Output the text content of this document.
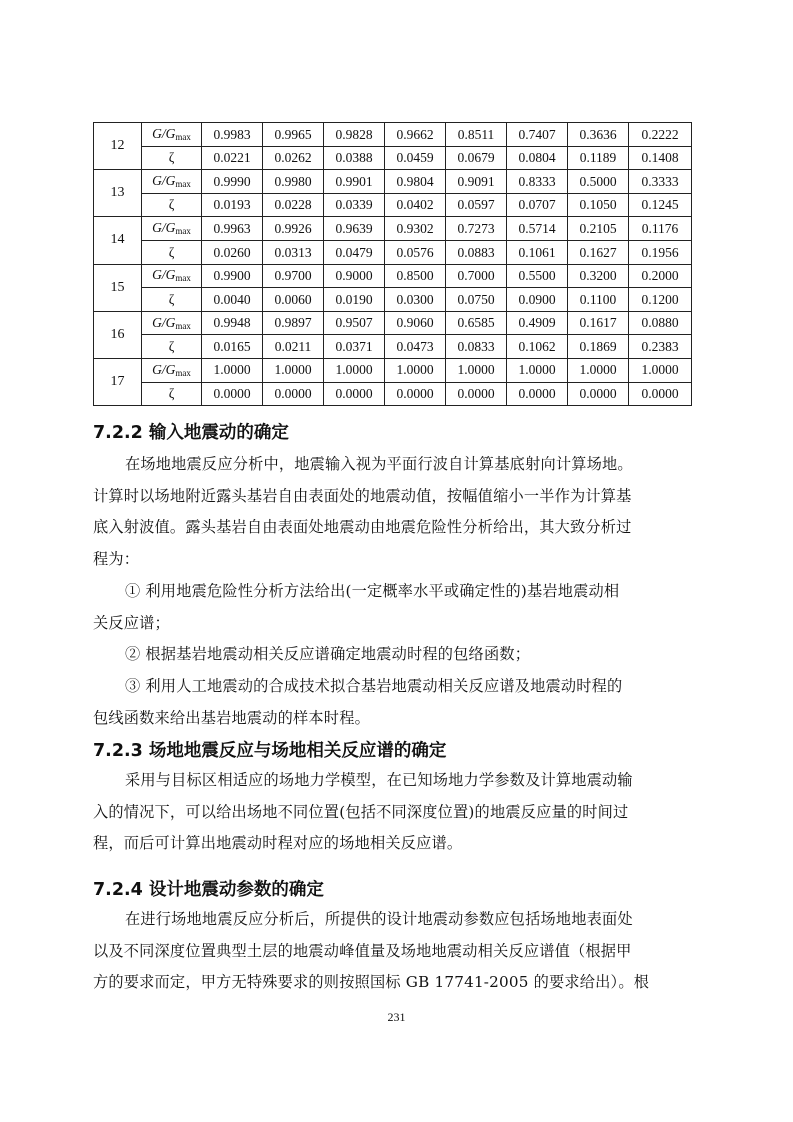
12	$G/G_{max}$	0.9983	0.9965	0.9828	0.9662	0.8511	0.7407	0.3636	0.2222
	ζ	0.0221	0.0262	0.0388	0.0459	0.0679	0.0804	0.1189	0.1408
13	$G/G_{max}$	0.9990	0.9980	0.9901	0.9804	0.9091	0.8333	0.5000	0.3333
	ζ	0.0193	0.0228	0.0339	0.0402	0.0597	0.0707	0.1050	0.1245
14	$G/G_{max}$	0.9963	0.9926	0.9639	0.9302	0.7273	0.5714	0.2105	0.1176
	ζ	0.0260	0.0313	0.0479	0.0576	0.0883	0.1061	0.1627	0.1956
15	$G/G_{max}$	0.9900	0.9700	0.9000	0.8500	0.7000	0.5500	0.3200	0.2000
	ζ	0.0040	0.0060	0.0190	0.0300	0.0750	0.0900	0.1100	0.1200
16	$G/G_{max}$	0.9948	0.9897	0.9507	0.9060	0.6585	0.4909	0.1617	0.0880
	ζ	0.0165	0.0211	0.0371	0.0473	0.0833	0.1062	0.1869	0.2383
17	$G/G_{max}$	1.0000	1.0000	1.0000	1.0000	1.0000	1.0000	1.0000	1.0000
	ζ	0.0000	0.0000	0.0000	0.0000	0.0000	0.0000	0.0000	0.0000
7.2.2 输入地震动的确定
在场地地震反应分析中，地震输入视为平面行波自计算基底射向计算场地。
计算时以场地附近露头基岩自由表面处的地震动值，按幅值缩小一半作为计算基
底入射波值。露头基岩自由表面处地震动由地震危险性分析给出，其大致分析过
程为：
① 利用地震危险性分析方法给出(一定概率水平或确定性的)基岩地震动相
关反应谱；
② 根据基岩地震动相关反应谱确定地震动时程的包络函数；
③ 利用人工地震动的合成技术拟合基岩地震动相关反应谱及地震动时程的
包线函数来给出基岩地震动的样本时程。
7.2.3 场地地震反应与场地相关反应谱的确定
采用与目标区相适应的场地力学模型，在已知场地力学参数及计算地震动输
入的情况下，可以给出场地不同位置(包括不同深度位置)的地震反应量的时间过
程，而后可计算出地震动时程对应的场地相关反应谱。
7.2.4 设计地震动参数的确定
在进行场地地震反应分析后，所提供的设计地震动参数应包括场地地表面处
以及不同深度位置典型土层的地震动峰值量及场地地震动相关反应谱值（根据甲
方的要求而定，甲方无特殊要求的则按照国标 GB 17741-2005 的要求给出）。根
231
